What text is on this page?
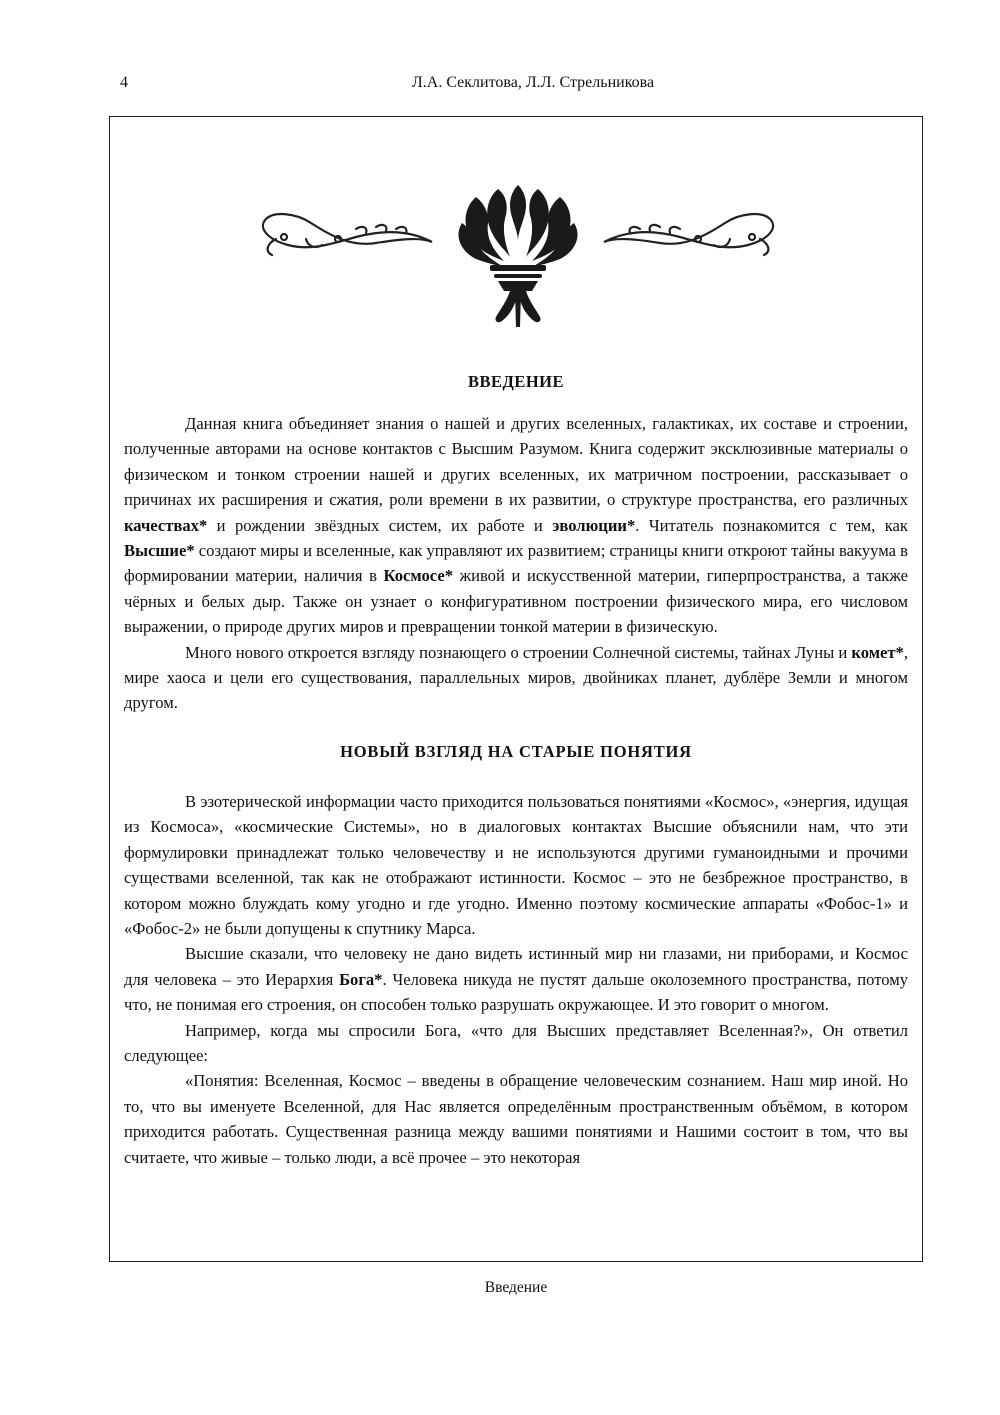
4	Л.А. Секлитова, Л.Л. Стрельникова
ВВЕДЕНИЕ

Данная книга объединяет знания о нашей и других вселенных, галактиках, их составе и строении, полученные авторами на основе контактов с Высшим Разумом. Книга содержит эксклюзивные материалы о физическом и тонком строении нашей и других вселенных, их матричном построении, рассказывает о причинах их расширения и сжатия, роли времени в их развитии, о структуре пространства, его различных качествах* и рождении звёздных систем, их работе и эволюции*. Читатель познакомится с тем, как Высшие* создают миры и вселенные, как управляют их развитием; страницы книги откроют тайны вакуума в формировании материи, наличия в Космосе* живой и искусственной материи, гиперпространства, а также чёрных и белых дыр. Также он узнает о конфигуративном построении физического мира, его числовом выражении, о природе других миров и превращении тонкой материи в физическую.

Много нового откроется взгляду познающего о строении Солнечной системы, тайнах Луны и комет*, мире хаоса и цели его существования, параллельных миров, двойниках планет, дублёре Земли и многом другом.

НОВЫЙ ВЗГЛЯД НА СТАРЫЕ ПОНЯТИЯ

В эзотерической информации часто приходится пользоваться понятиями «Космос», «энергия, идущая из Космоса», «космические Системы», но в диалоговых контактах Высшие объяснили нам, что эти формулировки принадлежат только человечеству и не используются другими гуманоидными и прочими существами вселенной, так как не отображают истинности. Космос – это не безбрежное пространство, в котором можно блуждать кому угодно и где угодно. Именно поэтому космические аппараты «Фобос-1» и «Фобос-2» не были допущены к спутнику Марса.

Высшие сказали, что человеку не дано видеть истинный мир ни глазами, ни приборами, и Космос для человека – это Иерархия Бога*. Человека никуда не пустят дальше околоземного пространства, потому что, не понимая его строения, он способен только разрушать окружающее. И это говорит о многом.

Например, когда мы спросили Бога, «что для Высших представляет Вселенная?», Он ответил следующее:

«Понятия: Вселенная, Космос – введены в обращение человеческим сознанием. Наш мир иной. Но то, что вы именуете Вселенной, для Нас является определённым пространственным объёмом, в котором приходится работать. Существенная разница между вашими понятиями и Нашими состоит в том, что вы считаете, что живые – только люди, а всё прочее – это некоторая

Введение
